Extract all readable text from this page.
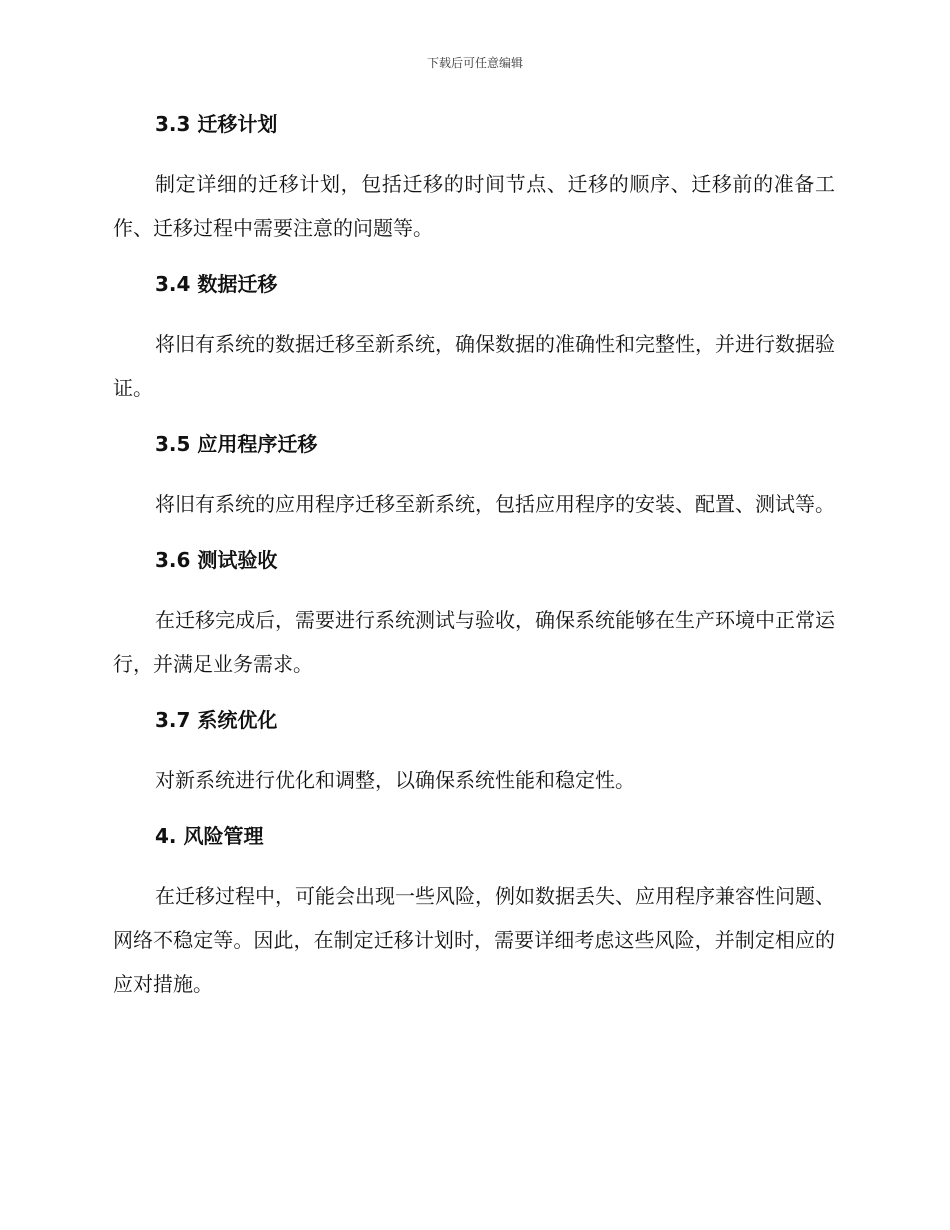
下载后可任意编辑
3.3 迁移计划

制定详细的迁移计划，包括迁移的时间节点、迁移的顺序、迁移前的准备工作、迁移过程中需要注意的问题等。

3.4 数据迁移

将旧有系统的数据迁移至新系统，确保数据的准确性和完整性，并进行数据验证。

3.5 应用程序迁移

将旧有系统的应用程序迁移至新系统，包括应用程序的安装、配置、测试等。

3.6 测试验收

在迁移完成后，需要进行系统测试与验收，确保系统能够在生产环境中正常运行，并满足业务需求。

3.7 系统优化

对新系统进行优化和调整，以确保系统性能和稳定性。

4. 风险管理

在迁移过程中，可能会出现一些风险，例如数据丢失、应用程序兼容性问题、网络不稳定等。因此，在制定迁移计划时，需要详细考虑这些风险，并制定相应的应对措施。
